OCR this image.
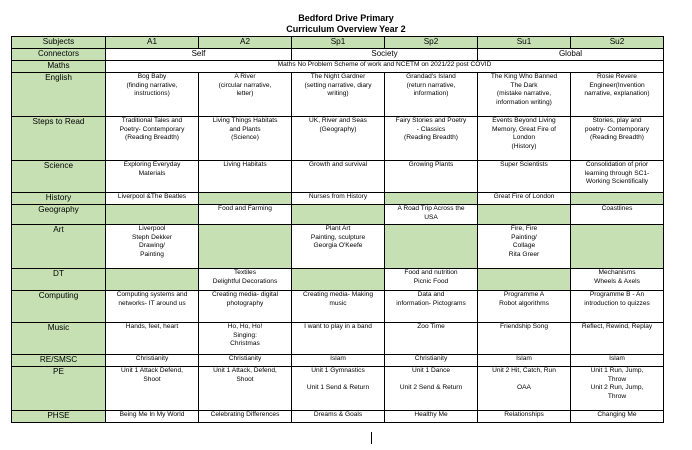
Bedford Drive Primary
Curriculum Overview Year 2
Subjects	A1	A2	Sp1	Sp2	Su1	Su2
Connectors	Self		Society		Global	
Maths	Maths No Problem Scheme of work and NCETM on 2021/22 post COVID					
English	Bog Baby
(finding narrative,
instructions)	A River
(circular narrative,
letter)	The Night Gardner
(setting narrative, diary
writing)	Grandad's Island
(return narrative,
information)	The King Who Banned
The Dark
(mistake narrative,
information writing)	Rosie Revere
Engineer(Invention
narrative, explanation)

Steps to Read	Traditional Tales and
Poetry- Contemporary
(Reading Breadth)	Living Things Habitats
and Plants
(Science)	UK, River and Seas
(Geography)	Fairy Stories and Poetry
- Classics
(Reading Breadth)	Events Beyond Living
Memory, Great Fire of
London
(History)	Stories, play and
poetry- Contemporary
(Reading Breadth)

Science	Exploring Everyday
Materials	Living Habitats	Growth and survival	Growing Plants	Super Scientists	Consolidation of prior
learning through SC1-
Working Scientifically

History	Liverpool &The Beatles		Nurses from History		Great Fire of London	
Geography		Food and Farming		A Road Trip Across the
USA		Coastlines
Art	Liverpool
Steph Dekker
Drawing/
Painting		Plant Art
Painting, sculpture
Georgia O'Keefe		Fire, Fire
Painting/
Collage
Rita Greer	

DT		Textiles
Delightful Decorations		Food and nutrition
Picnic Food		Mechanisms
Wheels & Axels

Computing	Computing systems and
networks- IT around us	Creating media- digital
photography	Creating media- Making
music	Data and
information- Pictograms	Programme A
Robot algorithms	Programme B - An
introduction to quizzes

Music	Hands, feet, heart	Ho, Ho, Ho!
Singing:
Christmas	I want to play in a band	Zoo Time	Friendship Song	Reflect, Rewind, Replay

RE/SMSC	Christianity	Christianity	Islam	Christianity	Islam	Islam
PE	Unit 1 Attack Defend,
Shoot	Unit 1 Attack, Defend,
Shoot	Unit 1 Gymnastics
Unit 1 Send & Return	Unit 1 Dance
Unit 2 Send & Return	Unit 2 Hit, Catch, Run
OAA	Unit 1 Run, Jump,
Throw
Unit 2 Run, Jump,
Throw

PHSE	Being Me In My World	Celebrating Differences	Dreams & Goals	Healthy Me	Relationships	Changing Me
